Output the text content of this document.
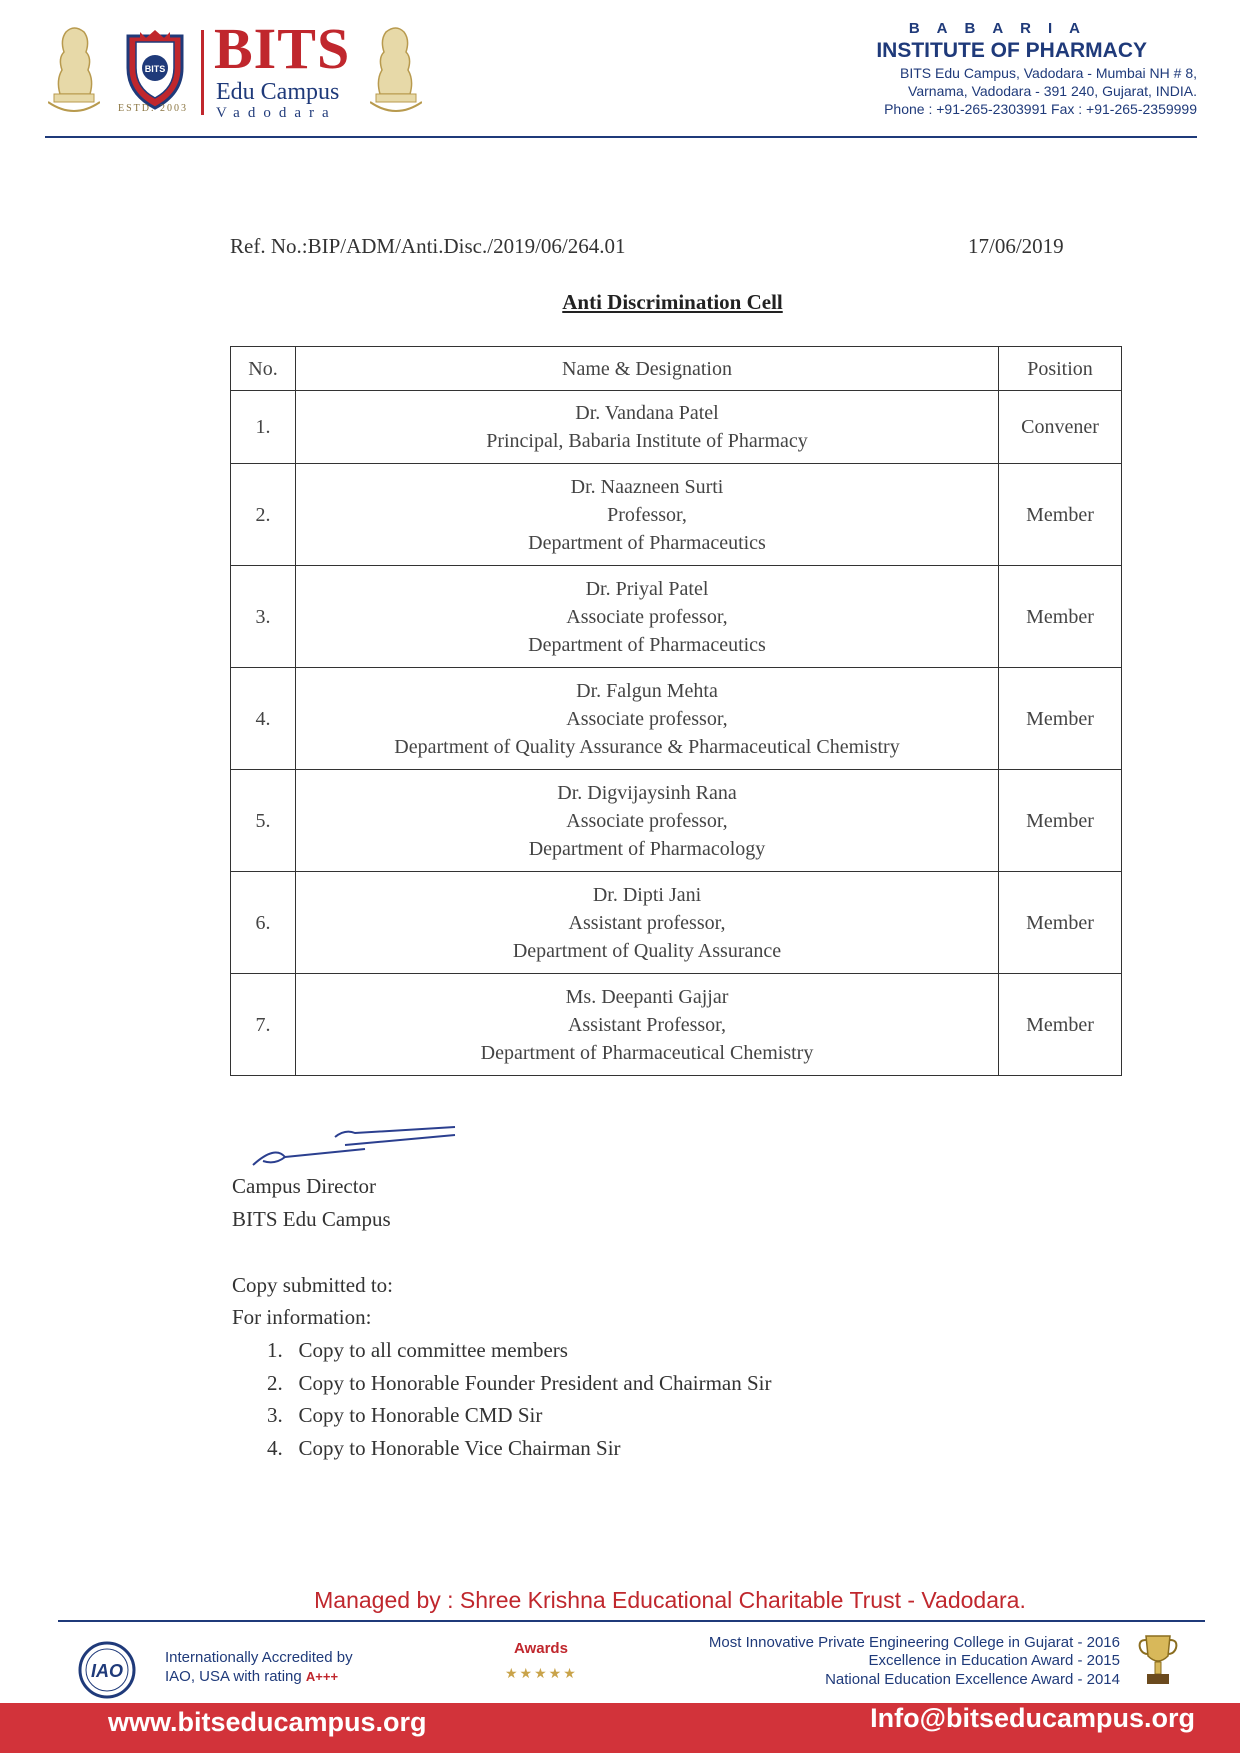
BITS
ESTD. 2003
BITS
Edu Campus
Vadodara
BABARIA
INSTITUTE OF PHARMACY
BITS Edu Campus, Vadodara - Mumbai NH # 8,
Varnama, Vadodara - 391 240, Gujarat, INDIA.
Phone : +91-265-2303991 Fax : +91-265-2359999
Ref. No.:BIP/ADM/Anti.Disc./2019/06/264.01	17/06/2019
Anti Discrimination Cell
No.	Name & Designation	Position
1.	Dr. Vandana Patel
Principal, Babaria Institute of Pharmacy	Convener
2.	Dr. Naazneen Surti
Professor,
Department of Pharmaceutics	Member
3.	Dr. Priyal Patel
Associate professor,
Department of Pharmaceutics	Member
4.	Dr. Falgun Mehta
Associate professor,
Department of Quality Assurance & Pharmaceutical Chemistry	Member
5.	Dr. Digvijaysinh Rana
Associate professor,
Department of Pharmacology	Member
6.	Dr. Dipti Jani
Assistant professor,
Department of Quality Assurance	Member
7.	Ms. Deepanti Gajjar
Assistant Professor,
Department of Pharmaceutical Chemistry	Member
Campus Director
BITS Edu Campus
Copy submitted to:
For information:
1. Copy to all committee members
2. Copy to Honorable Founder President and Chairman Sir
3. Copy to Honorable CMD Sir
4. Copy to Honorable Vice Chairman Sir
Managed by : Shree Krishna Educational Charitable Trust - Vadodara.
IAO
Internationally Accredited by
IAO, USA with rating A+++
Awards
★★★★★
Most Innovative Private Engineering College in Gujarat - 2016
Excellence in Education Award - 2015
National Education Excellence Award - 2014
www.bitseducampus.org	Info@bitseducampus.org
